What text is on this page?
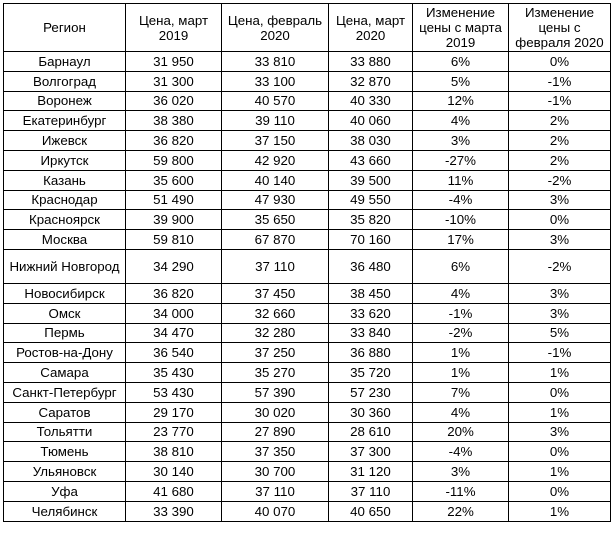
Регион	Цена, март 2019	Цена, февраль 2020	Цена, март 2020	Изменение цены с марта 2019	Изменение цены с февраля 2020
Барнаул	31 950	33 810	33 880	6%	0%
Волгоград	31 300	33 100	32 870	5%	-1%
Воронеж	36 020	40 570	40 330	12%	-1%
Екатеринбург	38 380	39 110	40 060	4%	2%
Ижевск	36 820	37 150	38 030	3%	2%
Иркутск	59 800	42 920	43 660	-27%	2%
Казань	35 600	40 140	39 500	11%	-2%
Краснодар	51 490	47 930	49 550	-4%	3%
Красноярск	39 900	35 650	35 820	-10%	0%
Москва	59 810	67 870	70 160	17%	3%
Нижний Новгород	34 290	37 110	36 480	6%	-2%
Новосибирск	36 820	37 450	38 450	4%	3%
Омск	34 000	32 660	33 620	-1%	3%
Пермь	34 470	32 280	33 840	-2%	5%
Ростов-на-Дону	36 540	37 250	36 880	1%	-1%
Самара	35 430	35 270	35 720	1%	1%
Санкт-Петербург	53 430	57 390	57 230	7%	0%
Саратов	29 170	30 020	30 360	4%	1%
Тольятти	23 770	27 890	28 610	20%	3%
Тюмень	38 810	37 350	37 300	-4%	0%
Ульяновск	30 140	30 700	31 120	3%	1%
Уфа	41 680	37 110	37 110	-11%	0%
Челябинск	33 390	40 070	40 650	22%	1%
